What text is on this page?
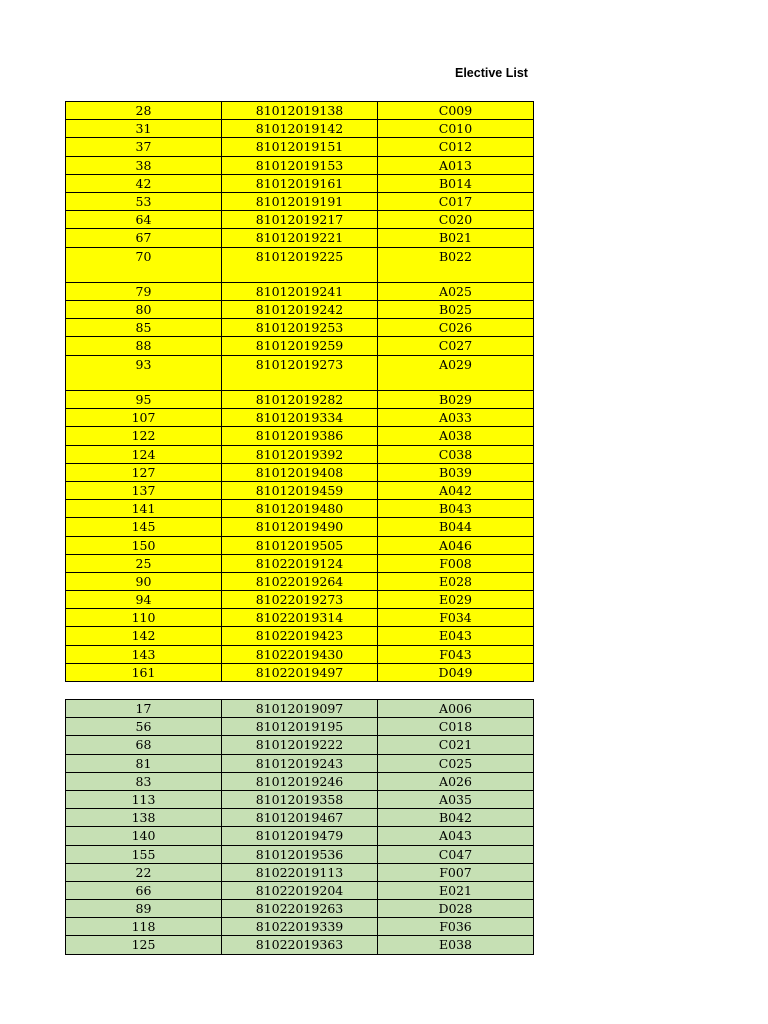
Elective List
28	81012019138	C009
31	81012019142	C010
37	81012019151	C012
38	81012019153	A013
42	81012019161	B014
53	81012019191	C017
64	81012019217	C020
67	81012019221	B021
70	81012019225	B022
79	81012019241	A025
80	81012019242	B025
85	81012019253	C026
88	81012019259	C027
93	81012019273	A029
95	81012019282	B029
107	81012019334	A033
122	81012019386	A038
124	81012019392	C038
127	81012019408	B039
137	81012019459	A042
141	81012019480	B043
145	81012019490	B044
150	81012019505	A046
25	81022019124	F008
90	81022019264	E028
94	81022019273	E029
110	81022019314	F034
142	81022019423	E043
143	81022019430	F043
161	81022019497	D049
17	81012019097	A006
56	81012019195	C018
68	81012019222	C021
81	81012019243	C025
83	81012019246	A026
113	81012019358	A035
138	81012019467	B042
140	81012019479	A043
155	81012019536	C047
22	81022019113	F007
66	81022019204	E021
89	81022019263	D028
118	81022019339	F036
125	81022019363	E038
